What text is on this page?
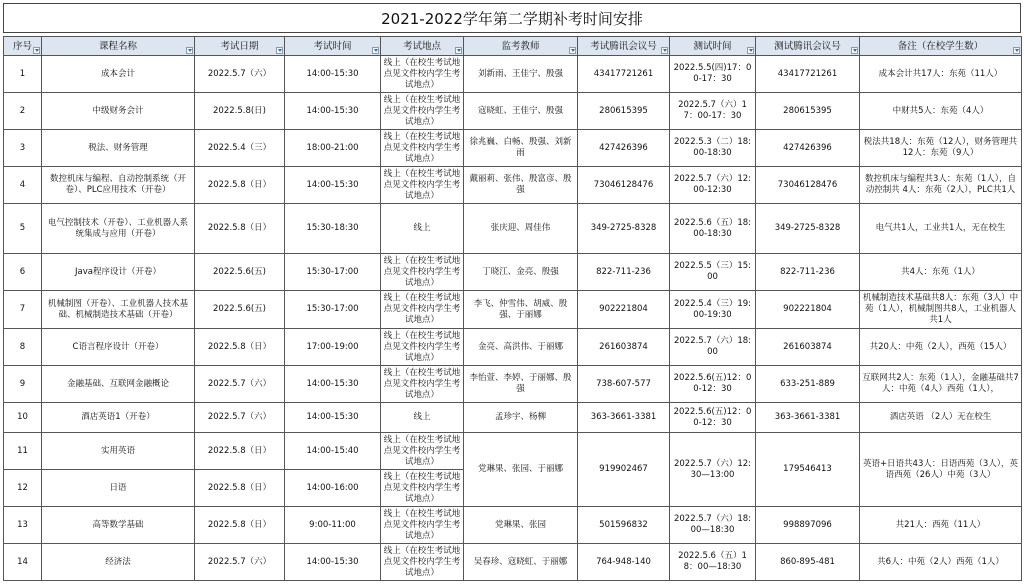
2021-2022学年第二学期补考时间安排
序号	课程名称	考试日期	考试时间	考试地点	监考教师	考试腾讯会议号	测试时间	测试腾讯会议号	备注（在校学生数）

1	成本会计	2022.5.7（六）	14:00-15:30	线上（在校生考试地点见文件校内学生考试地点）	刘新雨、王佳宁、殷强	43417721261	2022.5.5(四)17：00-17：30	43417721261	成本会计共17人：东苑（11人）
2	中级财务会计	2022.5.8(日)	14:00-15:30	线上（在校生考试地点见文件校内学生考试地点）	寇晓虹、王佳宁、殷强	280615395	2022.5.7（六）17：00-17：30	280615395	中财共5人：东苑（4人）
3	税法、财务管理	2022.5.4（三）	18:00-21:00	线上（在校生考试地点见文件校内学生考试地点）	徐兆巍、白畅、殷强、刘新雨	427426396	2022.5.3（二）18:00-18:30	427426396	税法共18人：东苑（12人），财务管理共12人：东苑（9人）
4	数控机床与编程、自动控制系统（开卷）、PLC应用技术（开卷）	2022.5.8（日）	14:00-15:30	线上（在校生考试地点见文件校内学生考试地点）	戴丽莉、张伟、殷富彦、殷强	73046128476	2022.5.7（六）12:00-12:30	73046128476	数控机床与编程共3人：东苑（1人），自动控制共 4人：东苑（2人），PLC共1人
5	电气控制技术（开卷）、工业机器人系统集成与应用（开卷）	2022.5.8（日）	15:30-18:30	线上	张庆迎、周佳伟	349-2725-8328	2022.5.6（五）18:00-18:30	349-2725-8328	电气共1人，工业共1人，无在校生
6	Java程序设计（开卷）	2022.5.6(五)	15:30-17:00	线上（在校生考试地点见文件校内学生考试地点）	丁晓江、金亮、殷强	822-711-236	2022.5.5（三）15:00	822-711-236	共4人：东苑（1人）
7	机械制图（开卷）、工业机器人技术基础、机械制造技术基础（开卷）	2022.5.6(五)	15:30-17:00	线上（在校生考试地点见文件校内学生考试地点）	李飞、仲雪伟、胡威、殷强、于丽娜	902221804	2022.5.4（三）19:00-19:30	902221804	机械制造技术基础共8人：东苑（3人）中苑（1人），机械制图共8人，工业机器人共1人
8	C语言程序设计（开卷）	2022.5.8（日）	17:00-19:00	线上（在校生考试地点见文件校内学生考试地点）	金亮、高洪伟、于丽娜	261603874	2022.5.7（六）18:00	261603874	共20人：中苑（2人），西苑（15人）
9	金融基础、互联网金融概论	2022.5.7（六）	14:00-15:30	线上（在校生考试地点见文件校内学生考试地点）	李怡萱、李婷、于丽娜、殷强	738-607-577	2022.5.6(五)12：00-12：30	633-251-889	互联网共2人：东苑（1人），金融基础共7人：中苑（4人）西苑（1人），
10	酒店英语1（开卷）	2022.5.7（六）	14:00-15:30	线上	孟珍宇、杨柳	363-3661-3381	2022.5.6(五)12：00-12：30	363-3661-3381	酒店英语 （2人）无在校生
11	实用英语	2022.5.8（日）	14:00-15:40	线上（在校生考试地点见文件校内学生考试地点）	党琳果、张园、于丽娜	919902467	2022.5.7（六）12:30—13:00	179546413	英语+日语共43人：日语西苑（3人），英语西苑（26人）中苑（3人）
12	日语	2022.5.8（日）	14:00-16:00	线上（在校生考试地点见文件校内学生考试地点）					
13	高等数学基础	2022.5.8（日）	9:00-11:00	线上（在校生考试地点见文件校内学生考试地点）	党琳果、张园	501596832	2022.5.7（六）18:00—18:30	998897096	共21人：西苑（11人）
14	经济法	2022.5.7（六）	14:00-15:30	线上（在校生考试地点见文件校内学生考试地点）	吴春珍、寇晓虹、于丽娜	764-948-140	2022.5.6（五）18：00—18:30	860-895-481	共6人：中苑（2人）西苑（1人）
